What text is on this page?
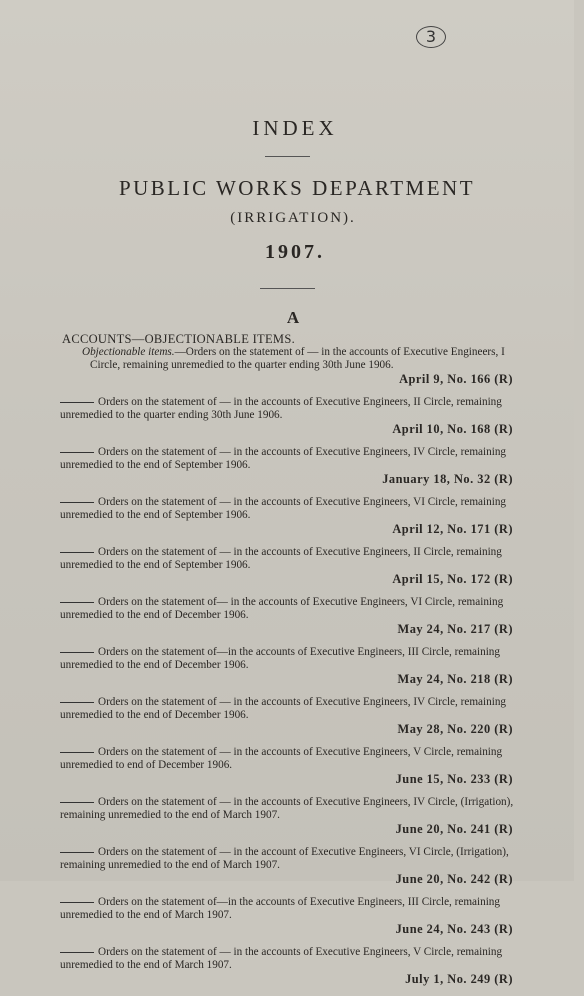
3
INDEX
PUBLIC WORKS DEPARTMENT
(IRRIGATION).
1907.
A
ACCOUNTS—OBJECTIONABLE ITEMS.
Objectionable items.—Orders on the statement of — in the accounts of Executive Engineers, I Circle, remaining unremedied to the quarter ending 30th June 1906.
April 9, No. 166 (R)
Orders on the statement of — in the accounts of Executive Engineers, II Circle, remaining unremedied to the quarter ending 30th June 1906.
April 10, No. 168 (R)
Orders on the statement of — in the accounts of Executive Engineers, IV Circle, remaining unremedied to the end of September 1906.
January 18, No. 32 (R)
Orders on the statement of — in the accounts of Executive Engineers, VI Circle, remaining unremedied to the end of September 1906.
April 12, No. 171 (R)
Orders on the statement of — in the accounts of Executive Engineers, II Circle, remaining unremedied to the end of September 1906.
April 15, No. 172 (R)
Orders on the statement of— in the accounts of Executive Engineers, VI Circle, remaining unremedied to the end of December 1906.
May 24, No. 217 (R)
Orders on the statement of—in the accounts of Executive Engineers, III Circle, remaining unremedied to the end of December 1906.
May 24, No. 218 (R)
Orders on the statement of — in the accounts of Executive Engineers, IV Circle, remaining unremedied to the end of December 1906.
May 28, No. 220 (R)
Orders on the statement of — in the accounts of Executive Engineers, V Circle, remaining unremedied to end of December 1906.
June 15, No. 233 (R)
Orders on the statement of — in the accounts of Executive Engineers, IV Circle, (Irrigation), remaining unremedied to the end of March 1907.
June 20, No. 241 (R)
Orders on the statement of — in the account of Executive Engineers, VI Circle, (Irrigation), remaining unremedied to the end of March 1907.
June 20, No. 242 (R)
Orders on the statement of—in the accounts of Executive Engineers, III Circle, remaining unremedied to the end of March 1907.
June 24, No. 243 (R)
Orders on the statement of — in the accounts of Executive Engineers, V Circle, remaining unremedied to the end of March 1907.
July 1, No. 249 (R)
